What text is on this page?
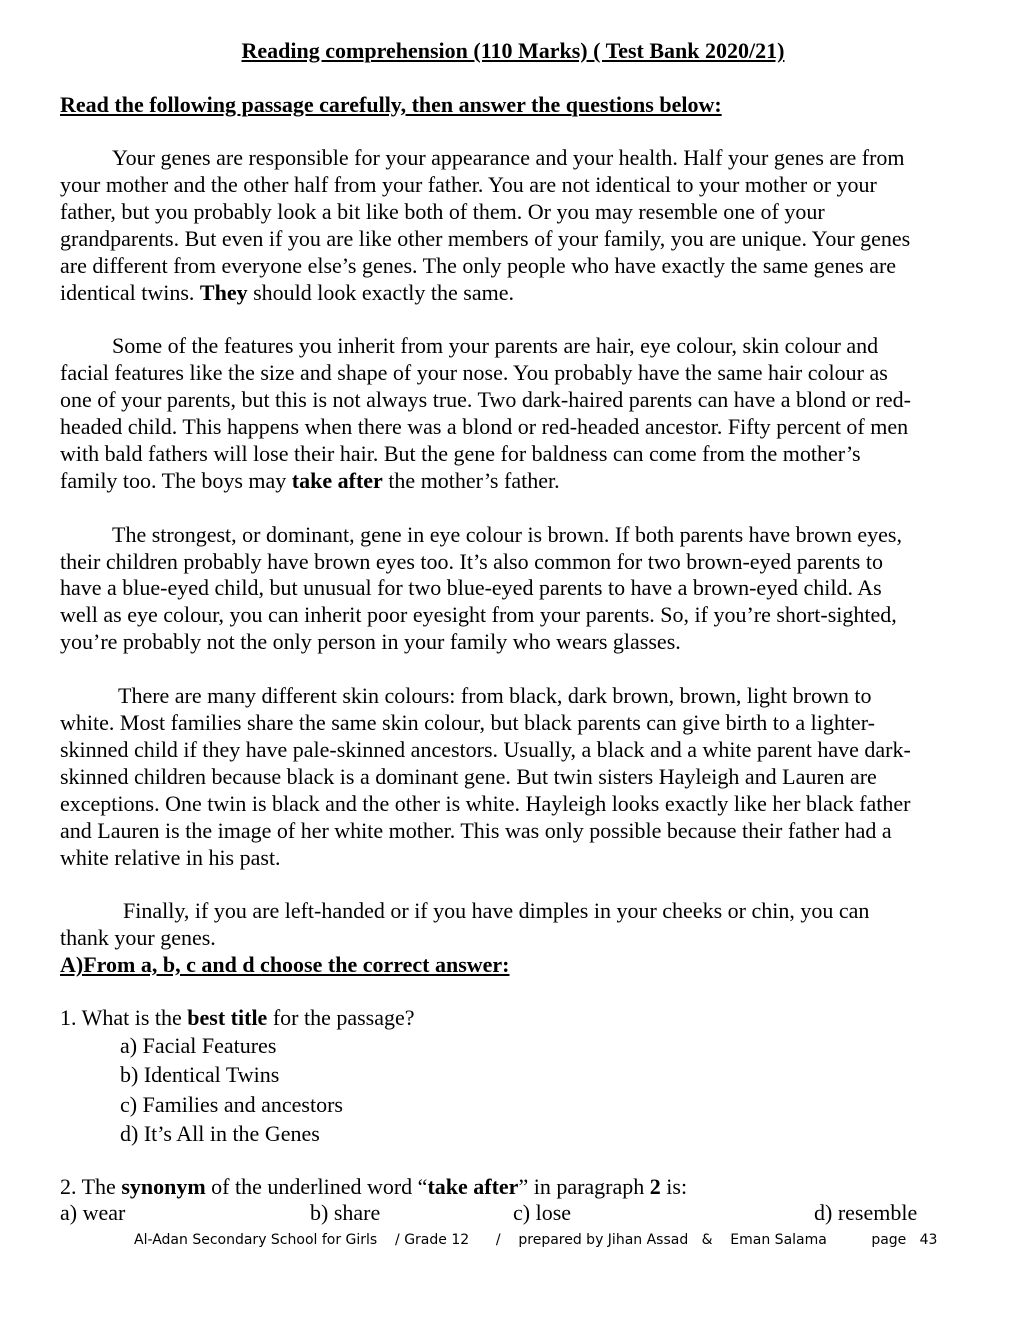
Reading comprehension (110 Marks) ( Test Bank 2020/21)
Read the following passage carefully, then answer the questions below:
Your genes are responsible for your appearance and your health. Half your genes are from
your mother and the other half from your father. You are not identical to your mother or your
father, but you probably look a bit like both of them. Or you may resemble one of your
grandparents. But even if you are like other members of your family, you are unique. Your genes
are different from everyone else’s genes. The only people who have exactly the same genes are
identical twins. They should look exactly the same.
Some of the features you inherit from your parents are hair, eye colour, skin colour and
facial features like the size and shape of your nose. You probably have the same hair colour as
one of your parents, but this is not always true. Two dark-haired parents can have a blond or red-
headed child. This happens when there was a blond or red-headed ancestor. Fifty percent of men
with bald fathers will lose their hair. But the gene for baldness can come from the mother’s
family too. The boys may take after the mother’s father.
The strongest, or dominant, gene in eye colour is brown. If both parents have brown eyes,
their children probably have brown eyes too. It’s also common for two brown-eyed parents to
have a blue-eyed child, but unusual for two blue-eyed parents to have a brown-eyed child. As
well as eye colour, you can inherit poor eyesight from your parents. So, if you’re short-sighted,
you’re probably not the only person in your family who wears glasses.
There are many different skin colours: from black, dark brown, brown, light brown to
white. Most families share the same skin colour, but black parents can give birth to a lighter-
skinned child if they have pale-skinned ancestors. Usually, a black and a white parent have dark-
skinned children because black is a dominant gene. But twin sisters Hayleigh and Lauren are
exceptions. One twin is black and the other is white. Hayleigh looks exactly like her black father
and Lauren is the image of her white mother. This was only possible because their father had a
white relative in his past.
Finally, if you are left-handed or if you have dimples in your cheeks or chin, you can
thank your genes.
A)From a, b, c and d choose the correct answer:
1. What is the best title for the passage?
a) Facial Features
b) Identical Twins
c) Families and ancestors
d) It’s All in the Genes
2. The synonym of the underlined word “take after” in paragraph 2 is:
a) wear	b) share	c) lose	d) resemble
Al-Adan Secondary School for Girls    / Grade 12      /    prepared by Jihan Assad   &    Eman Salama          page   43
